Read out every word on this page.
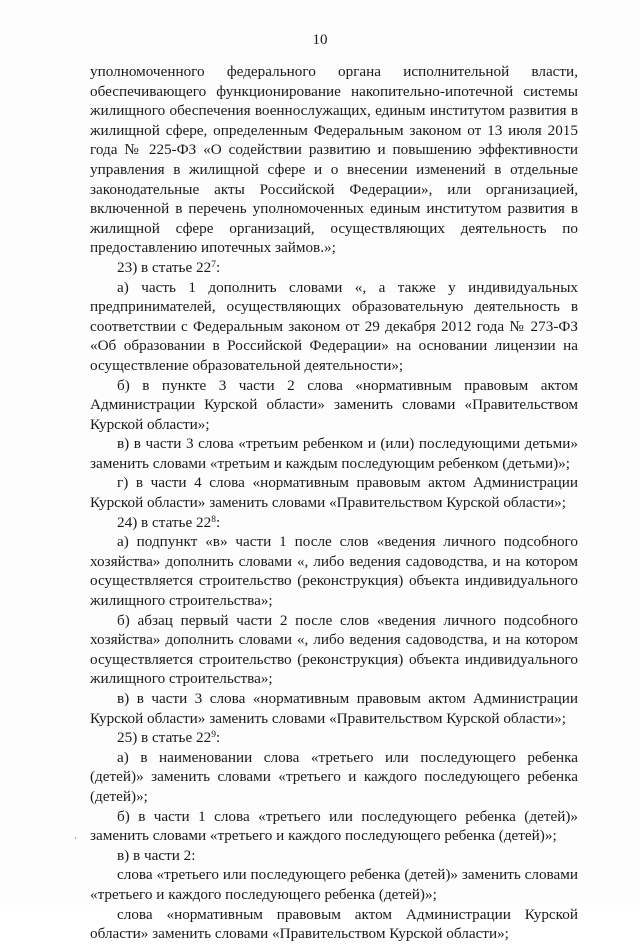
10

уполномоченного федерального органа исполнительной власти, обеспечивающего функционирование накопительно-ипотечной системы жилищного обеспечения военнослужащих, единым институтом развития в жилищной сфере, определенным Федеральным законом от 13 июля 2015 года № 225-ФЗ «О содействии развитию и повышению эффективности управления в жилищной сфере и о внесении изменений в отдельные законодательные акты Российской Федерации», или организацией, включенной в перечень уполномоченных единым институтом развития в жилищной сфере организаций, осуществляющих деятельность по предоставлению ипотечных займов.»;

23) в статье $22^7$:

а) часть 1 дополнить словами «, а также у индивидуальных предпринимателей, осуществляющих образовательную деятельность в соответствии с Федеральным законом от 29 декабря 2012 года № 273-ФЗ «Об образовании в Российской Федерации» на основании лицензии на осуществление образовательной деятельности»;

б) в пункте 3 части 2 слова «нормативным правовым актом Администрации Курской области» заменить словами «Правительством Курской области»;

в) в части 3 слова «третьим ребенком и (или) последующими детьми» заменить словами «третьим и каждым последующим ребенком (детьми)»;

г) в части 4 слова «нормативным правовым актом Администрации Курской области» заменить словами «Правительством Курской области»;

24) в статье $22^8$:

а) подпункт «в» части 1 после слов «ведения личного подсобного хозяйства» дополнить словами «, либо ведения садоводства, и на котором осуществляется строительство (реконструкция) объекта индивидуального жилищного строительства»;

б) абзац первый части 2 после слов «ведения личного подсобного хозяйства» дополнить словами «, либо ведения садоводства, и на котором осуществляется строительство (реконструкция) объекта индивидуального жилищного строительства»;

в) в части 3 слова «нормативным правовым актом Администрации Курской области» заменить словами «Правительством Курской области»;

25) в статье $22^9$:

а) в наименовании слова «третьего или последующего ребенка (детей)» заменить словами «третьего и каждого последующего ребенка (детей)»;

б) в части 1 слова «третьего или последующего ребенка (детей)» заменить словами «третьего и каждого последующего ребенка (детей)»;

в) в части 2:

слова «третьего или последующего ребенка (детей)» заменить словами «третьего и каждого последующего ребенка (детей)»;

слова «нормативным правовым актом Администрации Курской области» заменить словами «Правительством Курской области»;

·
